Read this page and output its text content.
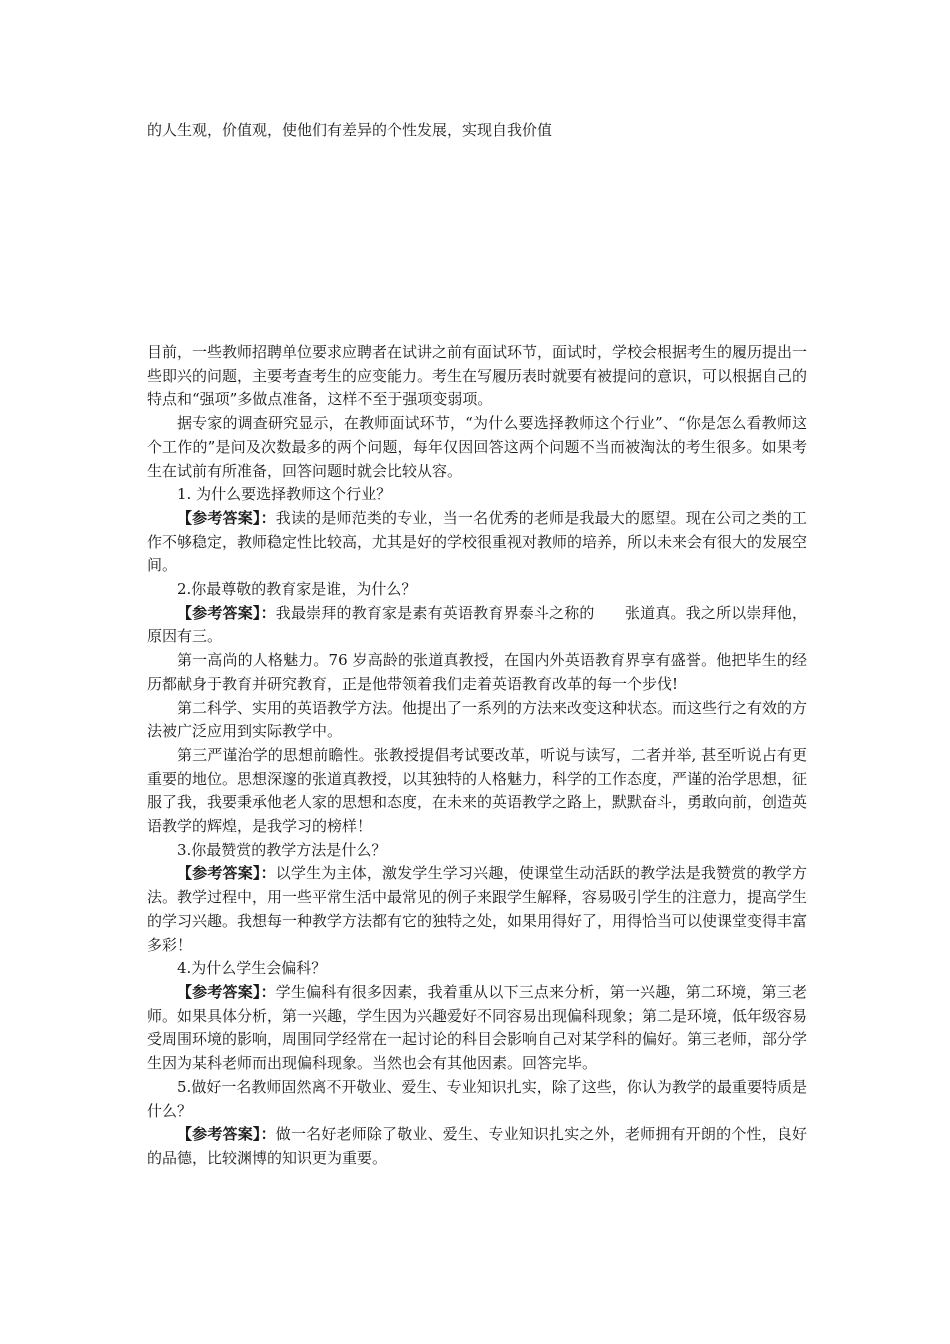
的人生观，价值观，使他们有差异的个性发展，实现自我价值

目前，一些教师招聘单位要求应聘者在试讲之前有面试环节，面试时，学校会根据考生的履历提出一些即兴的问题，主要考查考生的应变能力。考生在写履历表时就要有被提问的意识，可以根据自己的特点和“强项”多做点准备，这样不至于强项变弱项。

据专家的调查研究显示，在教师面试环节，“为什么要选择教师这个行业”、“你是怎么看教师这个工作的”是问及次数最多的两个问题，每年仅因回答这两个问题不当而被淘汰的考生很多。如果考生在试前有所准备，回答问题时就会比较从容。

1. 为什么要选择教师这个行业？

【参考答案】：我读的是师范类的专业，当一名优秀的老师是我最大的愿望。现在公司之类的工作不够稳定，教师稳定性比较高，尤其是好的学校很重视对教师的培养，所以未来会有很大的发展空间。

2.你最尊敬的教育家是谁，为什么？

【参考答案】：我最崇拜的教育家是素有英语教育界泰斗之称的　　张道真。我之所以崇拜他，原因有三。

第一高尚的人格魅力。76 岁高龄的张道真教授，在国内外英语教育界享有盛誉。他把毕生的经历都献身于教育并研究教育，正是他带领着我们走着英语教育改革的每一个步伐!

第二科学、实用的英语教学方法。他提出了一系列的方法来改变这种状态。而这些行之有效的方法被广泛应用到实际教学中。

第三严谨治学的思想前瞻性。张教授提倡考试要改革，听说与读写，二者并举, 甚至听说占有更重要的地位。思想深邃的张道真教授，以其独特的人格魅力，科学的工作态度，严谨的治学思想，征服了我，我要秉承他老人家的思想和态度，在未来的英语教学之路上，默默奋斗，勇敢向前，创造英语教学的辉煌，是我学习的榜样！

3.你最赞赏的教学方法是什么？

【参考答案】：以学生为主体，激发学生学习兴趣，使课堂生动活跃的教学法是我赞赏的教学方法。教学过程中，用一些平常生活中最常见的例子来跟学生解释，容易吸引学生的注意力，提高学生的学习兴趣。我想每一种教学方法都有它的独特之处，如果用得好了，用得恰当可以使课堂变得丰富多彩！

4.为什么学生会偏科？

【参考答案】：学生偏科有很多因素，我着重从以下三点来分析，第一兴趣，第二环境，第三老师。如果具体分析，第一兴趣，学生因为兴趣爱好不同容易出现偏科现象；第二是环境，低年级容易受周围环境的影响，周围同学经常在一起讨论的科目会影响自己对某学科的偏好。第三老师，部分学生因为某科老师而出现偏科现象。当然也会有其他因素。回答完毕。

5.做好一名教师固然离不开敬业、爱生、专业知识扎实，除了这些，你认为教学的最重要特质是什么？

【参考答案】：做一名好老师除了敬业、爱生、专业知识扎实之外，老师拥有开朗的个性，良好的品德，比较渊博的知识更为重要。
